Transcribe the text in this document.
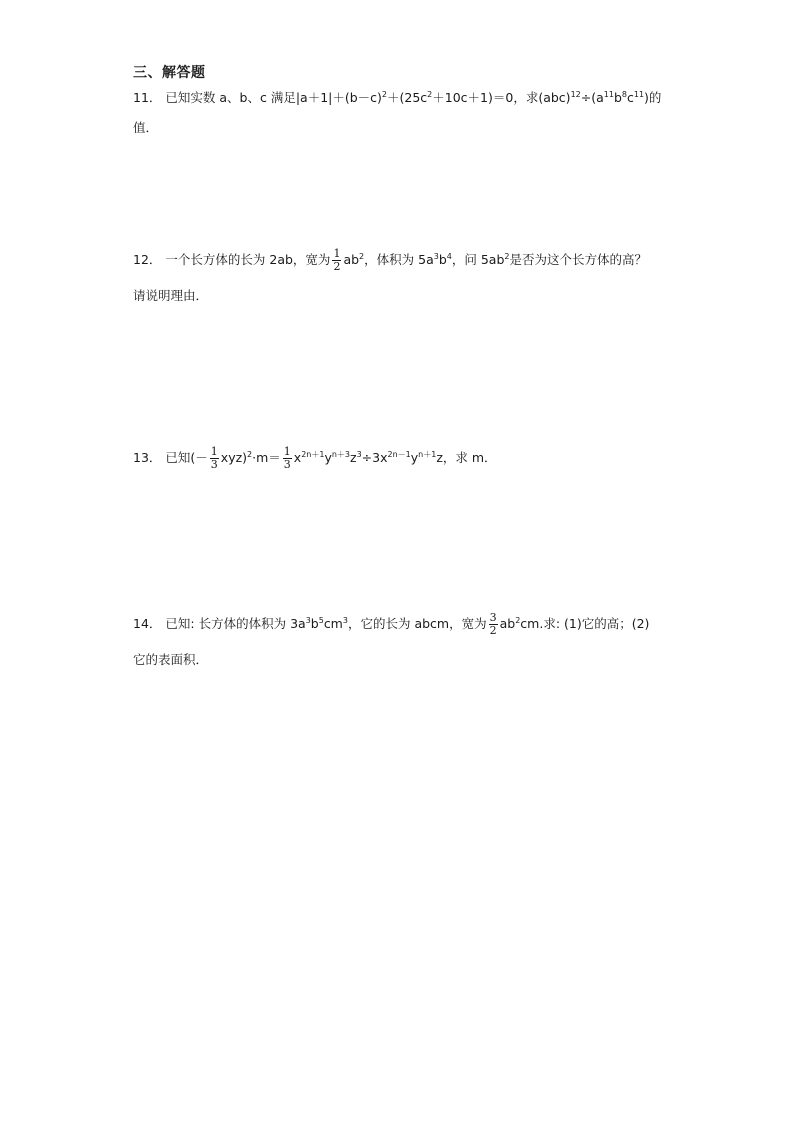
三、解答题
11． 已知实数 a、b、c 满足$|a+1|+(b-c)^2+(25c^2+10c+1)=0$，求$(abc)^{12}\div(a^{11}b^8c^{11})$的
值．
12． 一个长方体的长为 2ab，宽为 $\frac{1}{2} ab^2$，体积为 $5a^3b^4$，问 $5ab^2$是否为这个长方体的高？
请说明理由．
13． 已知(－ $\frac{1}{3} xyz)^2\cdot m= \frac{1}{3} x^{2n+1}y^{n+3}z^3\div 3x^{2n-1}y^{n+1}z$，求 m．
14． 已知: 长方体的体积为 $3a^3b^5cm^3$，它的长为 abcm，宽为 $\frac{3}{2} ab^2cm$.求: (1)它的高；(2)
它的表面积．
